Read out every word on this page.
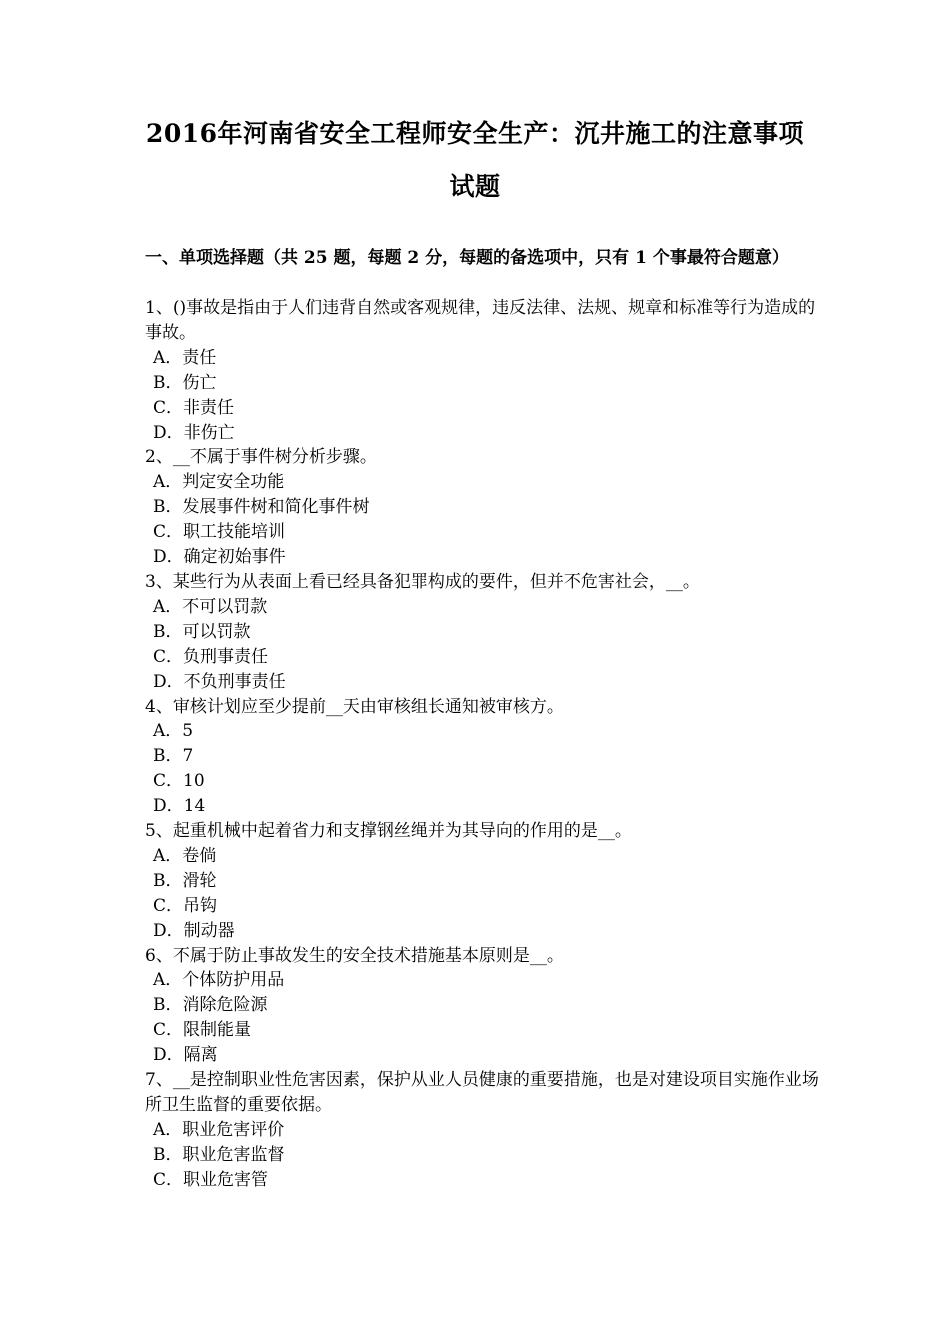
2016年河南省安全工程师安全生产：沉井施工的注意事项
试题
一、单项选择题（共 25 题，每题 2 分，每题的备选项中，只有 1 个事最符合题意）

1、()事故是指由于人们违背自然或客观规律，违反法律、法规、规章和标准等行为造成的事故。

A．责任

B．伤亡

C．非责任

D．非伤亡

2、__不属于事件树分析步骤。

A．判定安全功能

B．发展事件树和简化事件树

C．职工技能培训

D．确定初始事件

3、某些行为从表面上看已经具备犯罪构成的要件，但并不危害社会，__。

A．不可以罚款

B．可以罚款

C．负刑事责任

D．不负刑事责任

4、审核计划应至少提前__天由审核组长通知被审核方。

A．5

B．7

C．10

D．14

5、起重机械中起着省力和支撑钢丝绳并为其导向的作用的是__。

A．卷倘

B．滑轮

C．吊钩

D．制动器

6、不属于防止事故发生的安全技术措施基本原则是__。

A．个体防护用品

B．消除危险源

C．限制能量

D．隔离

7、__是控制职业性危害因素，保护从业人员健康的重要措施，也是对建设项目实施作业场所卫生监督的重要依据。

A．职业危害评价

B．职业危害监督

C．职业危害管
